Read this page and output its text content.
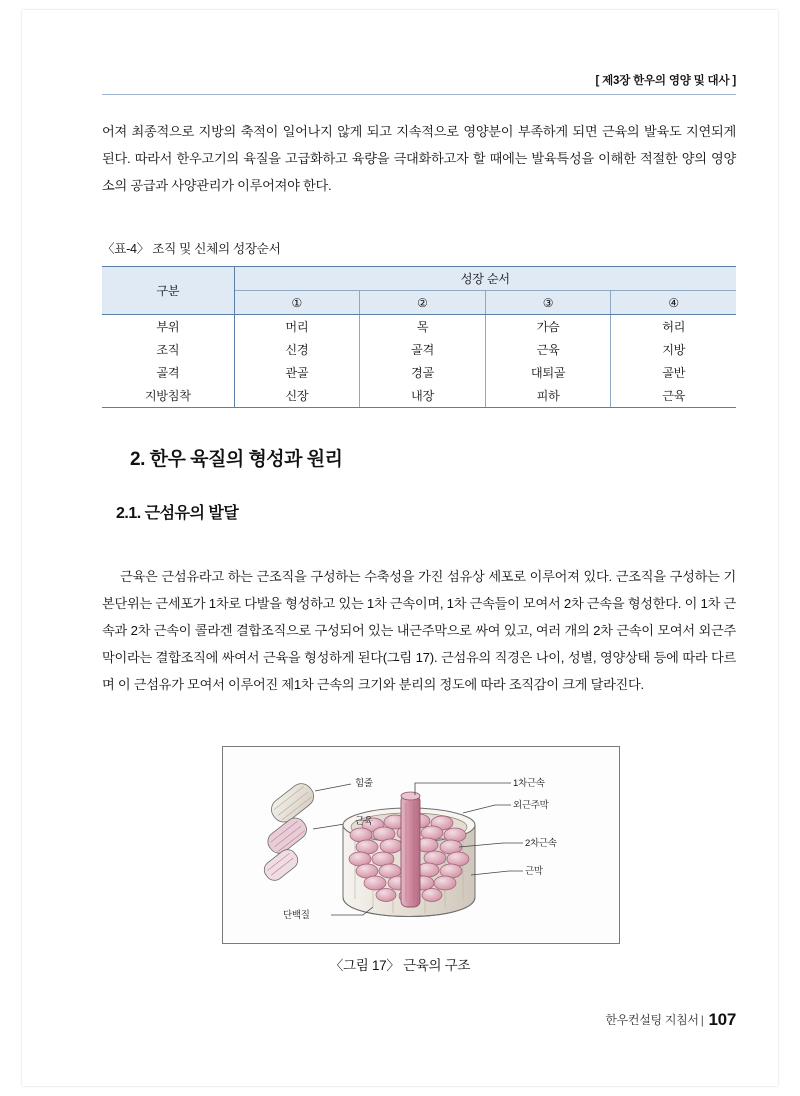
[ 제3장 한우의 영양 및 대사 ]

어져 최종적으로 지방의 축적이 일어나지 않게 되고 지속적으로 영양분이 부족하게 되면 근육의 발육도 지연되게 된다. 따라서 한우고기의 육질을 고급화하고 육량을 극대화하고자 할 때에는 발육특성을 이해한 적절한 양의 영양소의 공급과 사양관리가 이루어져야 한다.

〈표-4〉 조직 및 신체의 성장순서
구분	성장 순서			
	①	②	③	④
부위	머리	목	가슴	허리
조직	신경	골격	근육	지방
골격	관골	경골	대퇴골	골반
지방침착	신장	내장	피하	근육
2. 한우 육질의 형성과 원리
2.1. 근섬유의 발달

근육은 근섬유라고 하는 근조직을 구성하는 수축성을 가진 섬유상 세포로 이루어져 있다. 근조직을 구성하는 기본단위는 근세포가 1차로 다발을 형성하고 있는 1차 근속이며, 1차 근속들이 모여서 2차 근속을 형성한다. 이 1차 근속과 2차 근속이 콜라겐 결합조직으로 구성되어 있는 내근주막으로 싸여 있고, 여러 개의 2차 근속이 모여서 외근주막이라는 결합조직에 싸여서 근육을 형성하게 된다(그림 17). 근섬유의 직경은 나이, 성별, 영양상태 등에 따라 다르며 이 근섬유가 모여서 이루어진 제1차 근속의 크기와 분리의 정도에 따라 조직감이 크게 달라진다.

힘줄
근육
단백질
1차근속
외근주막
2차근속
근막
〈그림 17〉 근육의 구조
한우컨설팅 지침서 | 107
